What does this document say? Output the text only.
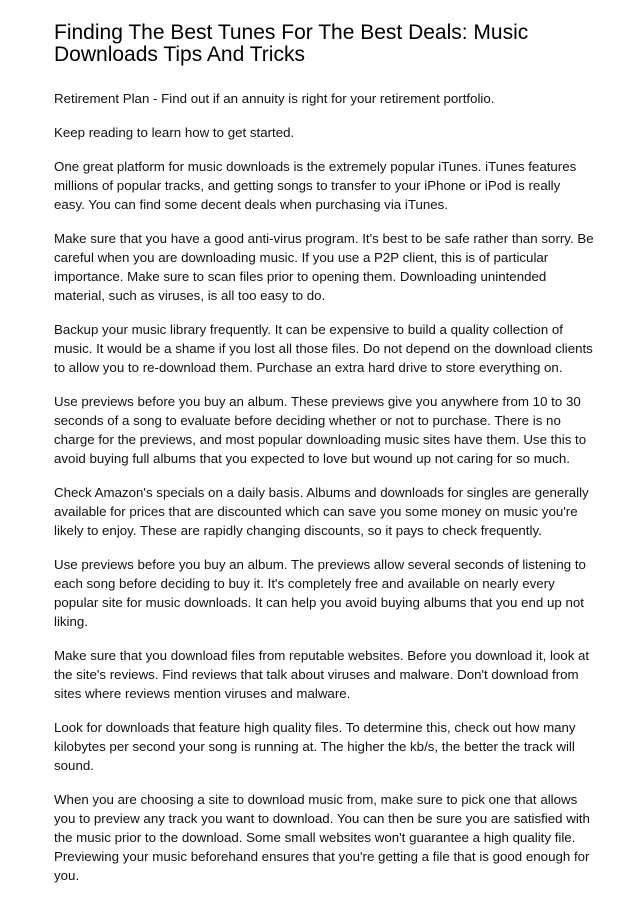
Finding The Best Tunes For The Best Deals: Music Downloads Tips And Tricks

Retirement Plan - Find out if an annuity is right for your retirement portfolio.

Keep reading to learn how to get started.

One great platform for music downloads is the extremely popular iTunes. iTunes features millions of popular tracks, and getting songs to transfer to your iPhone or iPod is really easy. You can find some decent deals when purchasing via iTunes.

Make sure that you have a good anti-virus program. It's best to be safe rather than sorry. Be careful when you are downloading music. If you use a P2P client, this is of particular importance. Make sure to scan files prior to opening them. Downloading unintended material, such as viruses, is all too easy to do.

Backup your music library frequently. It can be expensive to build a quality collection of music. It would be a shame if you lost all those files. Do not depend on the download clients to allow you to re-download them. Purchase an extra hard drive to store everything on.

Use previews before you buy an album. These previews give you anywhere from 10 to 30 seconds of a song to evaluate before deciding whether or not to purchase. There is no charge for the previews, and most popular downloading music sites have them. Use this to avoid buying full albums that you expected to love but wound up not caring for so much.

Check Amazon's specials on a daily basis. Albums and downloads for singles are generally available for prices that are discounted which can save you some money on music you're likely to enjoy. These are rapidly changing discounts, so it pays to check frequently.

Use previews before you buy an album. The previews allow several seconds of listening to each song before deciding to buy it. It's completely free and available on nearly every popular site for music downloads. It can help you avoid buying albums that you end up not liking.

Make sure that you download files from reputable websites. Before you download it, look at the site's reviews. Find reviews that talk about viruses and malware. Don't download from sites where reviews mention viruses and malware.

Look for downloads that feature high quality files. To determine this, check out how many kilobytes per second your song is running at. The higher the kb/s, the better the track will sound.

When you are choosing a site to download music from, make sure to pick one that allows you to preview any track you want to download. You can then be sure you are satisfied with the music prior to the download. Some small websites won't guarantee a high quality file. Previewing your music beforehand ensures that you're getting a file that is good enough for you.
